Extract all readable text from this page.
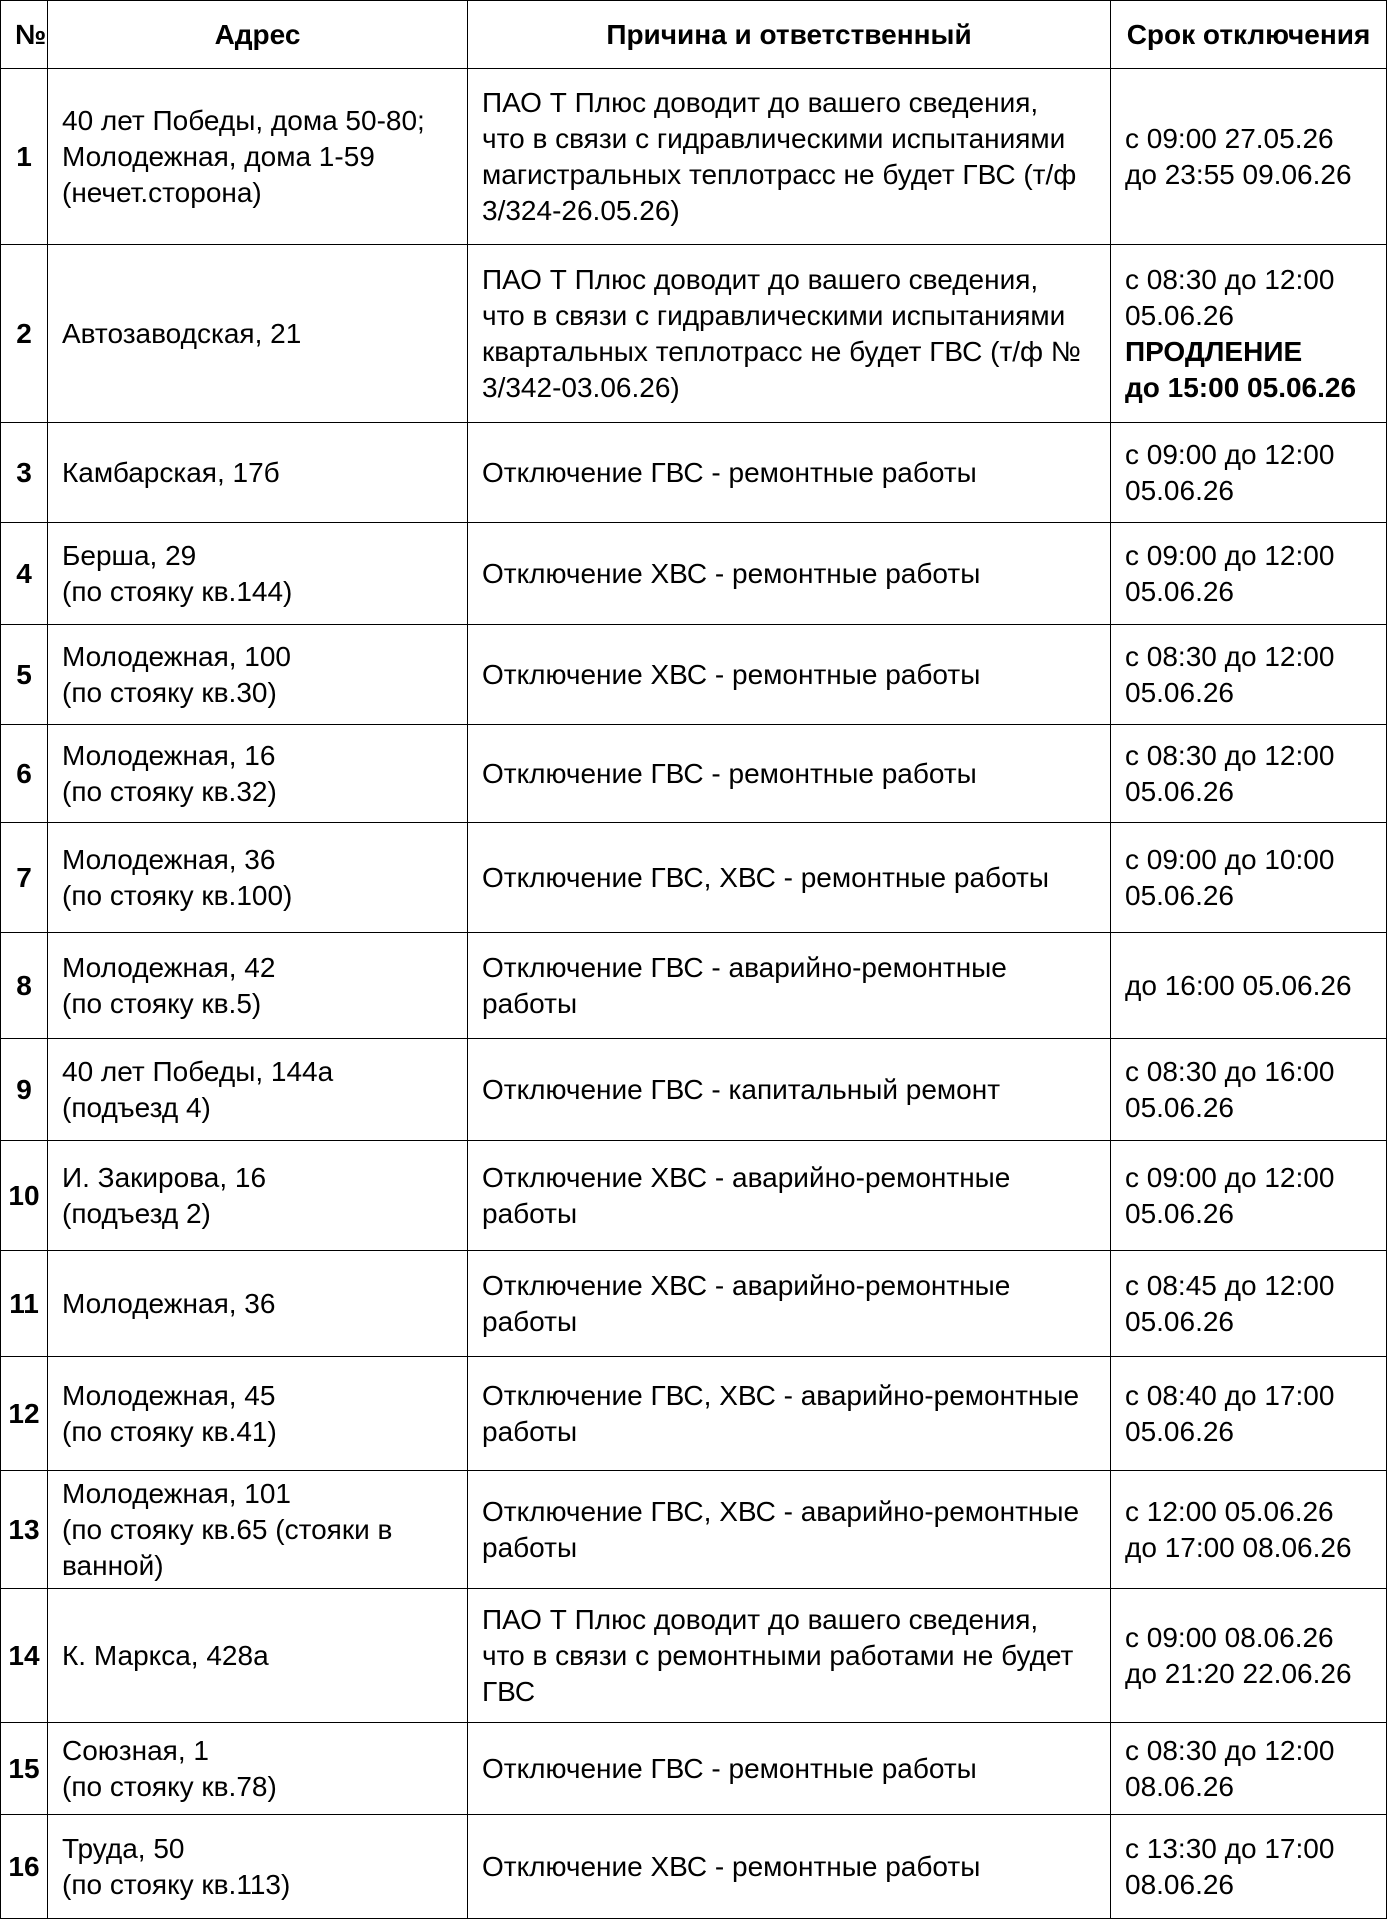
№	Адрес	Причина и ответственный	Срок отключения
1	40 лет Победы, дома 50-80;
Молодежная, дома 1-59
(нечет.сторона)	ПАО Т Плюс доводит до вашего сведения,
что в связи с гидравлическими испытаниями
магистральных теплотрасс не будет ГВС (т/ф
3/324-26.05.26)	с 09:00 27.05.26
до 23:55 09.06.26

2	Автозаводская, 21	ПАО Т Плюс доводит до вашего сведения,
что в связи с гидравлическими испытаниями
квартальных теплотрасс не будет ГВС (т/ф №
3/342-03.06.26)	с 08:30 до 12:00
05.06.26
ПРОДЛЕНИЕ
до 15:00 05.06.26

3	Камбарская, 17б	Отключение ГВС - ремонтные работы	с 09:00 до 12:00
05.06.26

4	Берша, 29
(по стояку кв.144)	Отключение ХВС - ремонтные работы	с 09:00 до 12:00
05.06.26

5	Молодежная, 100
(по стояку кв.30)	Отключение ХВС - ремонтные работы	с 08:30 до 12:00
05.06.26

6	Молодежная, 16
(по стояку кв.32)	Отключение ГВС - ремонтные работы	с 08:30 до 12:00
05.06.26

7	Молодежная, 36
(по стояку кв.100)	Отключение ГВС, ХВС - ремонтные работы	с 09:00 до 10:00
05.06.26

8	Молодежная, 42
(по стояку кв.5)	Отключение ГВС - аварийно-ремонтные
работы	до 16:00 05.06.26

9	40 лет Победы, 144а
(подъезд 4)	Отключение ГВС - капитальный ремонт	с 08:30 до 16:00
05.06.26

10	И. Закирова, 16
(подъезд 2)	Отключение ХВС - аварийно-ремонтные
работы	с 09:00 до 12:00
05.06.26

11	Молодежная, 36	Отключение ХВС - аварийно-ремонтные
работы	с 08:45 до 12:00
05.06.26

12	Молодежная, 45
(по стояку кв.41)	Отключение ГВС, ХВС - аварийно-ремонтные
работы	с 08:40 до 17:00
05.06.26

13	Молодежная, 101
(по стояку кв.65 (стояки в
ванной)	Отключение ГВС, ХВС - аварийно-ремонтные
работы	с 12:00 05.06.26
до 17:00 08.06.26

14	К. Маркса, 428а	ПАО Т Плюс доводит до вашего сведения,
что в связи с ремонтными работами не будет
ГВС	с 09:00 08.06.26
до 21:20 22.06.26

15	Союзная, 1
(по стояку кв.78)	Отключение ГВС - ремонтные работы	с 08:30 до 12:00
08.06.26

16	Труда, 50
(по стояку кв.113)	Отключение ХВС - ремонтные работы	с 13:30 до 17:00
08.06.26
